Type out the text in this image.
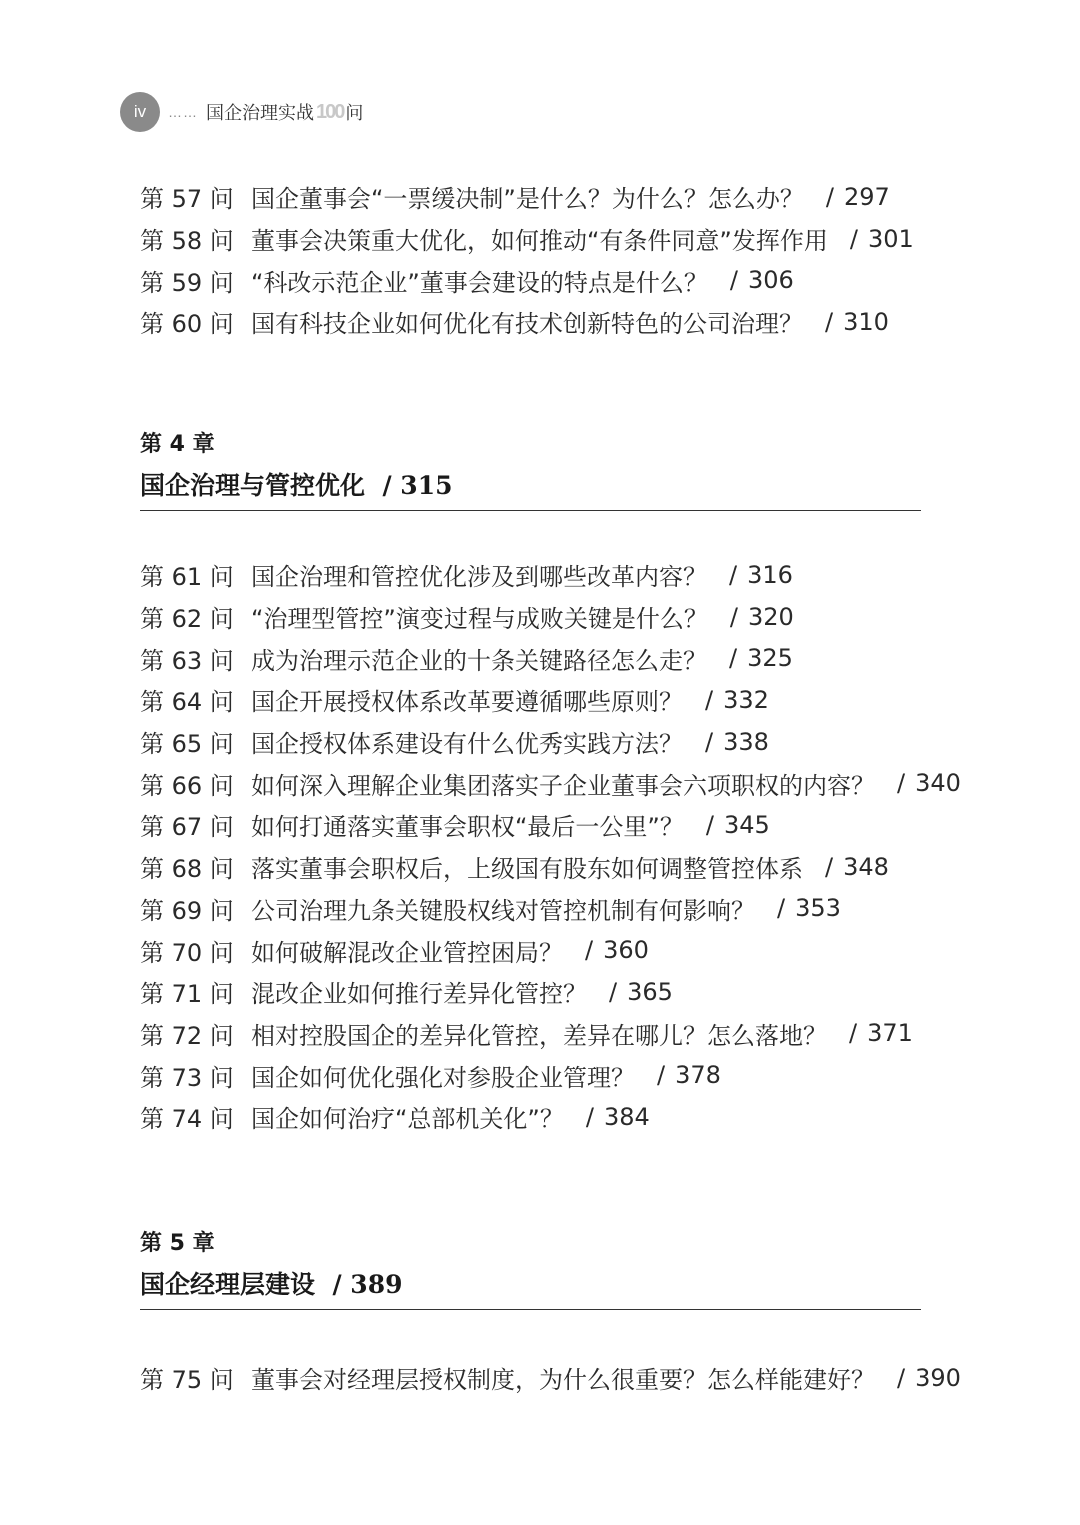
iv	…… 国企治理实战 100 问
第 57 问 国企董事会“一票缓决制”是什么？为什么？怎么办？ / 297
第 58 问 董事会决策重大优化，如何推动“有条件同意”发挥作用 / 301
第 59 问 “科改示范企业”董事会建设的特点是什么？ / 306
第 60 问 国有科技企业如何优化有技术创新特色的公司治理？ / 310
第 4 章
国企治理与管控优化 / 315
第 61 问 国企治理和管控优化涉及到哪些改革内容？ / 316
第 62 问 “治理型管控”演变过程与成败关键是什么？ / 320
第 63 问 成为治理示范企业的十条关键路径怎么走？ / 325
第 64 问 国企开展授权体系改革要遵循哪些原则？ / 332
第 65 问 国企授权体系建设有什么优秀实践方法？ / 338
第 66 问 如何深入理解企业集团落实子企业董事会六项职权的内容？ / 340
第 67 问 如何打通落实董事会职权“最后一公里”？ / 345
第 68 问 落实董事会职权后，上级国有股东如何调整管控体系 / 348
第 69 问 公司治理九条关键股权线对管控机制有何影响？ / 353
第 70 问 如何破解混改企业管控困局？ / 360
第 71 问 混改企业如何推行差异化管控？ / 365
第 72 问 相对控股国企的差异化管控，差异在哪儿？怎么落地？ / 371
第 73 问 国企如何优化强化对参股企业管理？ / 378
第 74 问 国企如何治疗“总部机关化”？ / 384
第 5 章
国企经理层建设 / 389
第 75 问 董事会对经理层授权制度，为什么很重要？怎么样能建好？ / 390
